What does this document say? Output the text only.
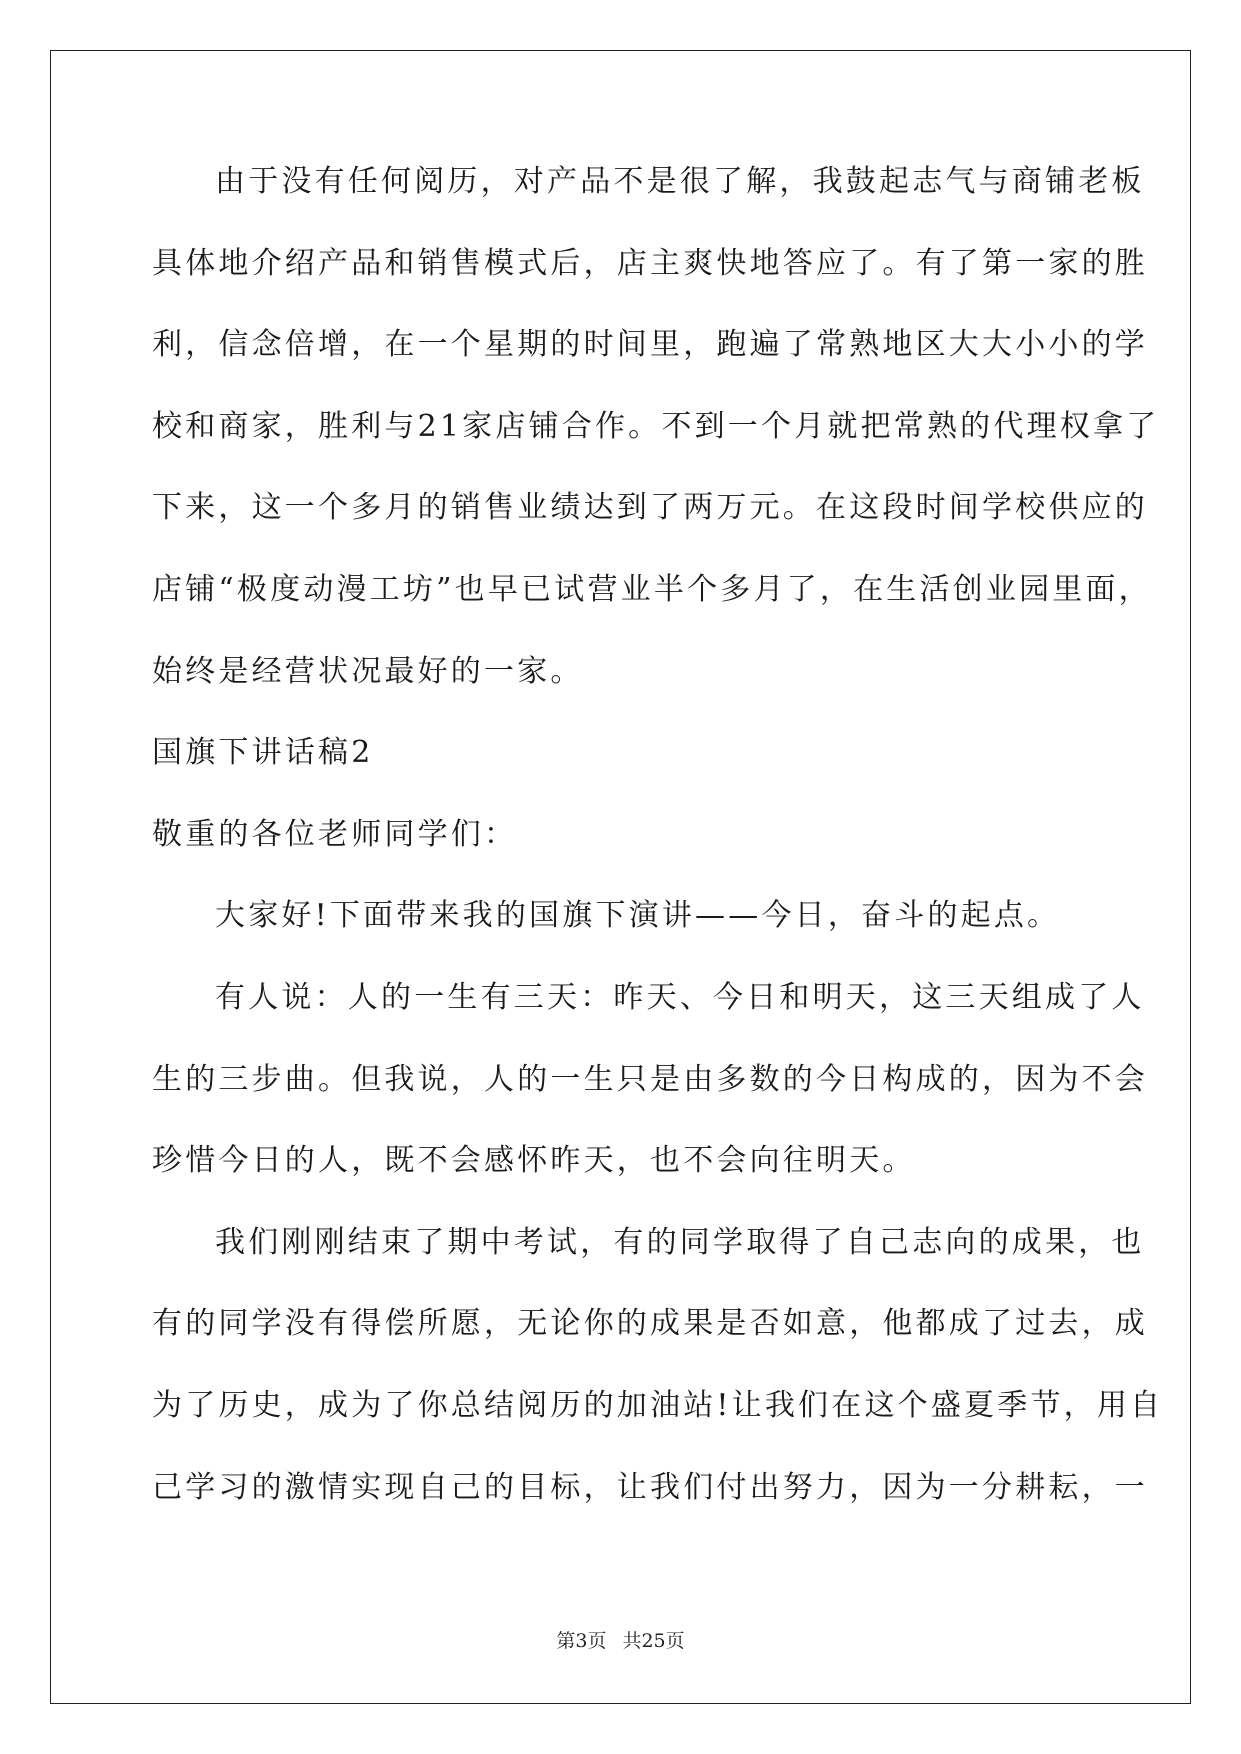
由于没有任何阅历，对产品不是很了解，我鼓起志气与商铺老板
具体地介绍产品和销售模式后，店主爽快地答应了。有了第一家的胜
利，信念倍增，在一个星期的时间里，跑遍了常熟地区大大小小的学
校和商家，胜利与21家店铺合作。不到一个月就把常熟的代理权拿了
下来，这一个多月的销售业绩达到了两万元。在这段时间学校供应的
店铺“极度动漫工坊”也早已试营业半个多月了，在生活创业园里面，
始终是经营状况最好的一家。
国旗下讲话稿2
敬重的各位老师同学们：
大家好!下面带来我的国旗下演讲——今日，奋斗的起点。
有人说：人的一生有三天：昨天、今日和明天，这三天组成了人
生的三步曲。但我说，人的一生只是由多数的今日构成的，因为不会
珍惜今日的人，既不会感怀昨天，也不会向往明天。
我们刚刚结束了期中考试，有的同学取得了自己志向的成果，也
有的同学没有得偿所愿，无论你的成果是否如意，他都成了过去，成
为了历史，成为了你总结阅历的加油站!让我们在这个盛夏季节，用自
己学习的激情实现自己的目标，让我们付出努力，因为一分耕耘，一
第3页 共25页
